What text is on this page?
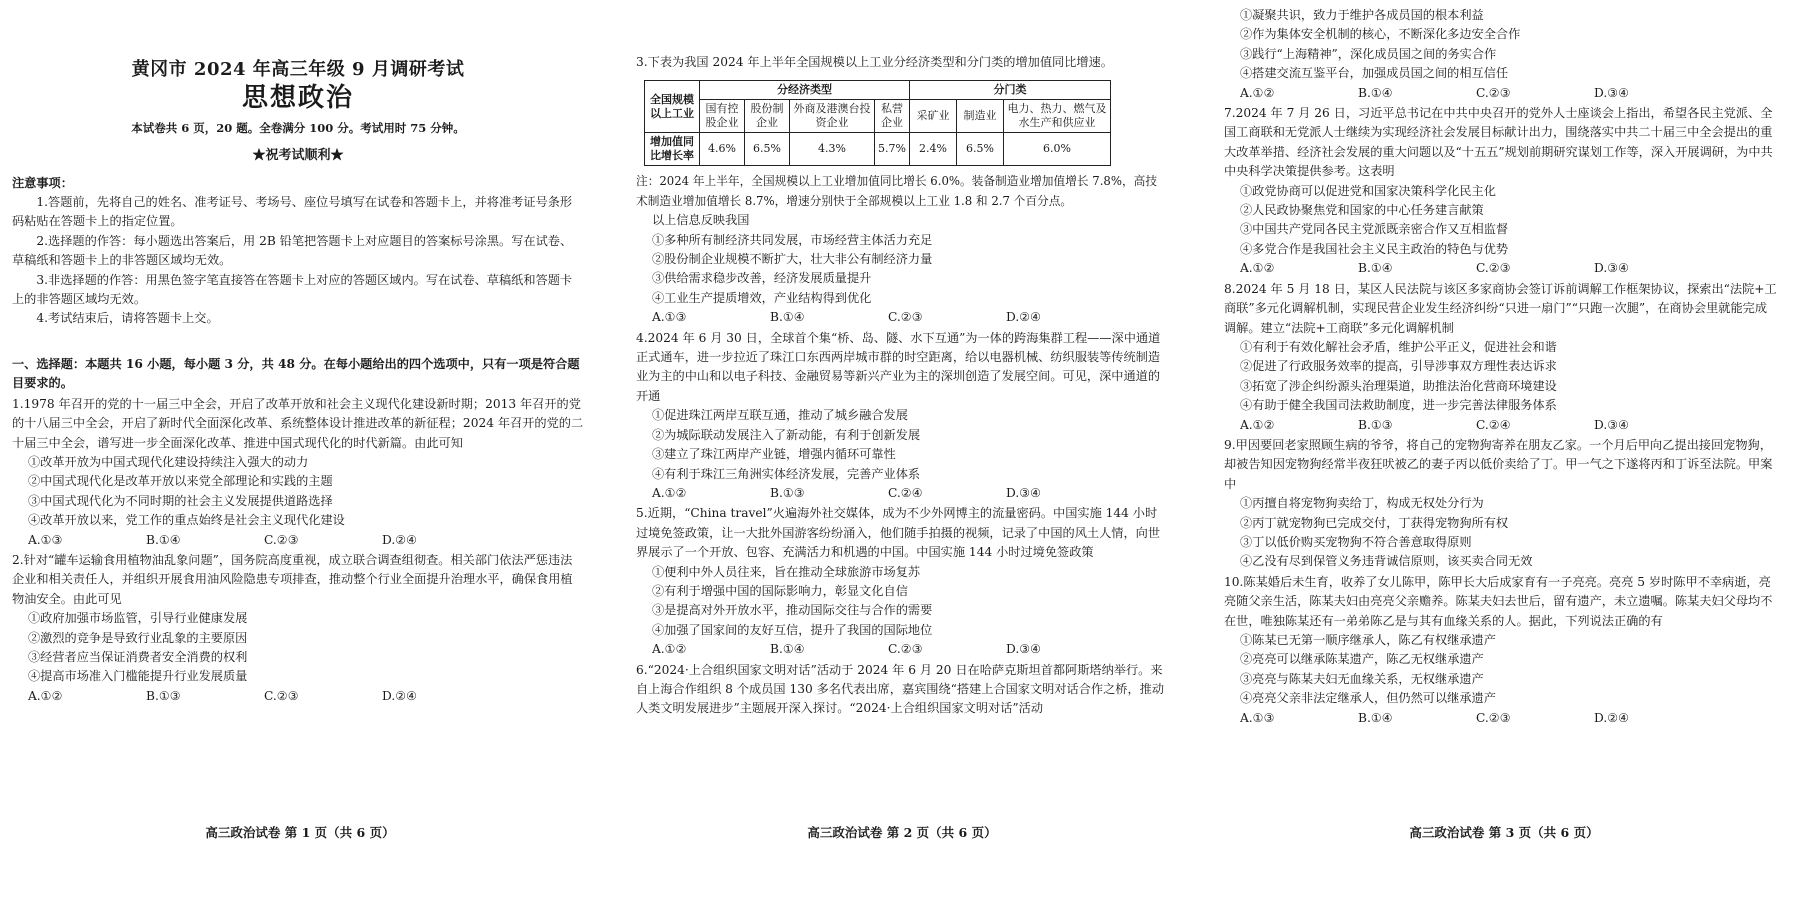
黄冈市 2024 年高三年级 9 月调研考试
思想政治
本试卷共 6 页，20 题。全卷满分 100 分。考试用时 75 分钟。
★祝考试顺利★
注意事项：
1.答题前，先将自己的姓名、准考证号、考场号、座位号填写在试卷和答题卡上，并将准考证号条形码粘贴在答题卡上的指定位置。
2.选择题的作答：每小题选出答案后，用 2B 铅笔把答题卡上对应题目的答案标号涂黑。写在试卷、草稿纸和答题卡上的非答题区域均无效。
3.非选择题的作答：用黑色签字笔直接答在答题卡上对应的答题区域内。写在试卷、草稿纸和答题卡上的非答题区域均无效。
4.考试结束后，请将答题卡上交。
一、选择题：本题共 16 小题，每小题 3 分，共 48 分。在每小题给出的四个选项中，只有一项是符合题目要求的。
1.1978 年召开的党的十一届三中全会，开启了改革开放和社会主义现代化建设新时期；2013 年召开的党的十八届三中全会，开启了新时代全面深化改革、系统整体设计推进改革的新征程；2024 年召开的党的二十届三中全会，谱写进一步全面深化改革、推进中国式现代化的时代新篇。由此可知
①改革开放为中国式现代化建设持续注入强大的动力
②中国式现代化是改革开放以来党全部理论和实践的主题
③中国式现代化为不同时期的社会主义发展提供道路选择
④改革开放以来，党工作的重点始终是社会主义现代化建设
A.①③	B.①④	C.②③	D.②④
2.针对“罐车运输食用植物油乱象问题”，国务院高度重视，成立联合调查组彻查。相关部门依法严惩违法企业和相关责任人，并组织开展食用油风险隐患专项排查，推动整个行业全面提升治理水平，确保食用植物油安全。由此可见
①政府加强市场监管，引导行业健康发展
②激烈的竞争是导致行业乱象的主要原因
③经营者应当保证消费者安全消费的权利
④提高市场准入门槛能提升行业发展质量
A.①②	B.①③	C.②③	D.②④
高三政治试卷 第 1 页（共 6 页）
3.下表为我国 2024 年上半年全国规模以上工业分经济类型和分门类的增加值同比增速。
全国规模以上工业	分经济类型				分门类		
	国有控股企业	股份制企业	外商及港澳台投资企业	私营企业	采矿业	制造业	电力、热力、燃气及水生产和供应业
增加值同比增长率	4.6%	6.5%	4.3%	5.7%	2.4%	6.5%	6.0%
注：2024 年上半年，全国规模以上工业增加值同比增长 6.0%。装备制造业增加值增长 7.8%，高技术制造业增加值增长 8.7%，增速分别快于全部规模以上工业 1.8 和 2.7 个百分点。
以上信息反映我国
①多种所有制经济共同发展，市场经营主体活力充足
②股份制企业规模不断扩大，壮大非公有制经济力量
③供给需求稳步改善，经济发展质量提升
④工业生产提质增效，产业结构得到优化
A.①③	B.①④	C.②③	D.②④
4.2024 年 6 月 30 日，全球首个集“桥、岛、隧、水下互通”为一体的跨海集群工程——深中通道正式通车，进一步拉近了珠江口东西两岸城市群的时空距离，给以电器机械、纺织服装等传统制造业为主的中山和以电子科技、金融贸易等新兴产业为主的深圳创造了发展空间。可见，深中通道的开通
①促进珠江两岸互联互通，推动了城乡融合发展
②为城际联动发展注入了新动能，有利于创新发展
③建立了珠江两岸产业链，增强内循环可靠性
④有利于珠江三角洲实体经济发展，完善产业体系
A.①②	B.①③	C.②④	D.③④
5.近期，“China travel”火遍海外社交媒体，成为不少外网博主的流量密码。中国实施 144 小时过境免签政策，让一大批外国游客纷纷涌入，他们随手拍摄的视频，记录了中国的风土人情，向世界展示了一个开放、包容、充满活力和机遇的中国。中国实施 144 小时过境免签政策
①便利中外人员往来，旨在推动全球旅游市场复苏
②有利于增强中国的国际影响力，彰显文化自信
③是提高对外开放水平，推动国际交往与合作的需要
④加强了国家间的友好互信，提升了我国的国际地位
A.①②	B.①④	C.②③	D.③④
6.“2024·上合组织国家文明对话”活动于 2024 年 6 月 20 日在哈萨克斯坦首都阿斯塔纳举行。来自上海合作组织 8 个成员国 130 多名代表出席，嘉宾围绕“搭建上合国家文明对话合作之桥，推动人类文明发展进步”主题展开深入探讨。“2024·上合组织国家文明对话”活动
高三政治试卷 第 2 页（共 6 页）
①凝聚共识，致力于维护各成员国的根本利益
②作为集体安全机制的核心，不断深化多边安全合作
③践行“上海精神”，深化成员国之间的务实合作
④搭建交流互鉴平台，加强成员国之间的相互信任
A.①②	B.①④	C.②③	D.③④
7.2024 年 7 月 26 日，习近平总书记在中共中央召开的党外人士座谈会上指出，希望各民主党派、全国工商联和无党派人士继续为实现经济社会发展目标献计出力，围绕落实中共二十届三中全会提出的重大改革举措、经济社会发展的重大问题以及“十五五”规划前期研究谋划工作等，深入开展调研，为中共中央科学决策提供参考。这表明
①政党协商可以促进党和国家决策科学化民主化
②人民政协聚焦党和国家的中心任务建言献策
③中国共产党同各民主党派既亲密合作又互相监督
④多党合作是我国社会主义民主政治的特色与优势
A.①②	B.①④	C.②③	D.③④
8.2024 年 5 月 18 日，某区人民法院与该区多家商协会签订诉前调解工作框架协议，探索出“法院+工商联”多元化调解机制，实现民营企业发生经济纠纷“只进一扇门”“只跑一次腿”，在商协会里就能完成调解。建立“法院+工商联”多元化调解机制
①有利于有效化解社会矛盾，维护公平正义，促进社会和谐
②促进了行政服务效率的提高，引导涉事双方理性表达诉求
③拓宽了涉企纠纷源头治理渠道，助推法治化营商环境建设
④有助于健全我国司法救助制度，进一步完善法律服务体系
A.①②	B.①③	C.②④	D.③④
9.甲因要回老家照顾生病的爷爷，将自己的宠物狗寄养在朋友乙家。一个月后甲向乙提出接回宠物狗，却被告知因宠物狗经常半夜狂吠被乙的妻子丙以低价卖给了丁。甲一气之下遂将丙和丁诉至法院。甲案中
①丙擅自将宠物狗卖给丁，构成无权处分行为
②丙丁就宠物狗已完成交付，丁获得宠物狗所有权
③丁以低价购买宠物狗不符合善意取得原则
④乙没有尽到保管义务违背诚信原则，该买卖合同无效
10.陈某婚后未生育，收养了女儿陈甲，陈甲长大后成家育有一子亮亮。亮亮 5 岁时陈甲不幸病逝，亮亮随父亲生活，陈某夫妇由亮亮父亲赡养。陈某夫妇去世后，留有遗产，未立遗嘱。陈某夫妇父母均不在世，唯独陈某还有一弟弟陈乙是与其有血缘关系的人。据此，下列说法正确的有
①陈某已无第一顺序继承人，陈乙有权继承遗产
②亮亮可以继承陈某遗产，陈乙无权继承遗产
③亮亮与陈某夫妇无血缘关系，无权继承遗产
④亮亮父亲非法定继承人，但仍然可以继承遗产
A.①③	B.①④	C.②③	D.②④
高三政治试卷 第 3 页（共 6 页）
